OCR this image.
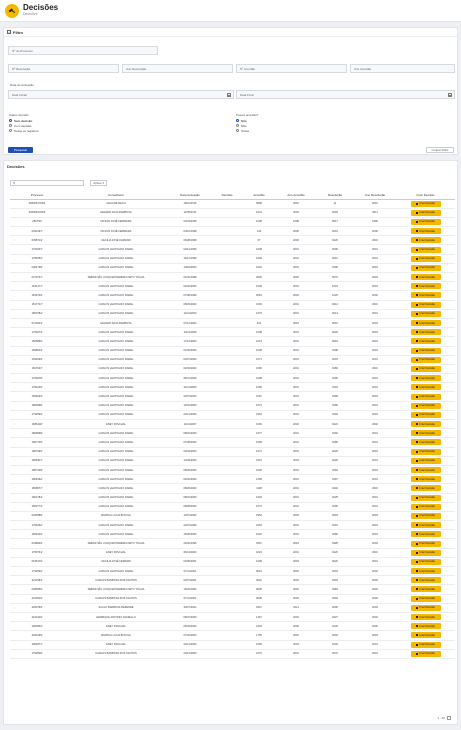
Decisões
Decisões
− Filtro
Nº do Processo
Nº Resolução	Ano Resolução	Nº Acordão	Ano Acordão
Data de Autuação
Data Inicial	Data Final
Status decisão
Sem decisão
Com decisão
Todos os registros
Possui acórdão?
Sim
Não
Todos
Pesquisar	Limpar Filtro
Decisões
⚲	Ações ▾
Processo	Conselheiro	Data Autuação	Decisão	Acórdão	Ano Acórdão	Resolução	Ano Resolução	Criar Decisão
0050057/2004	CELIANE RECH	18/01/2016		5068	2016	11	2016	Criar Decisão

0050062/2005	HELDER SILVA BARBOSA	12/05/2011		1044	2020	9203	2011	Criar Decisão

280750/	NILSON JOSÉ FERREIRA	02/04/2008		1008	1008	5017	1996	Criar Decisão

0491497/	NILSON JOSÉ FERREIRA	03/10/1998		144	2000	9201	2006	Criar Decisão

0058713/	CECILIA JOSÉ FERRARI	06/08/1998		57	2000	9226	2001	Criar Decisão

1760407/	CARLOS LEOPOLDO DAREL	02/12/1999		1048	2001	9296	2001	Criar Decisão

1786350/	CARLOS LEOPOLDO DAREL	16/12/1999		1009	2001	9216	2001	Criar Decisão

0004798/	CARLOS LEOPOLDO DAREL	10/02/2000		1002	2001	9190	2001	Criar Decisão

0479737/	SEBASTIÃO JOAQUIM PEREIRA NETO TOCHA	01/02/1998		9330	2018	5070	2004	Criar Decisão

1814177/	CARLOS LEOPOLDO DAREL	02/02/2000		1009	2001	1019	2001	Criar Decisão

1819720/	CARLOS LEOPOLDO DAREL	07/08/1999		9263	2002	1026	2002	Criar Decisão

1817747/	CARLOS LEOPOLDO DAREL	08/03/2000		1003	2001	9214	2001	Criar Decisão

1800782/	CARLOS LEOPOLDO DAREL	12/11/2000		1079	2001	9214	2001	Criar Decisão

0470004/	HELDER SILVA BARBOSA	07/12/2004		341	2019	5016	2004	Criar Decisão

1760074/	CARLOS LEOPOLDO DAREL	10/11/1999		1008	2001	9226	2001	Criar Decisão

1806890/	CARLOS LEOPOLDO DAREL	17/12/2000		1013	2001	9219	2001	Criar Decisão

1598004/	CARLOS LEOPOLDO DAREL	01/06/2000		1008	2001	9198	2001	Criar Decisão

1593090/	CARLOS LEOPOLDO DAREL	02/07/2000		1071	2001	9203	2001	Criar Decisão

1817907/	CARLOS LEOPOLDO DAREL	02/03/2000		1068	2001	9183	2001	Criar Decisão

1760978/	CARLOS LEOPOLDO DAREL	08/11/1999		1098	2001	9196	2001	Criar Decisão

1791046/	CARLOS LEOPOLDO DAREL	22/11/2000		1068	2001	9194	2001	Criar Decisão

1599220/	CARLOS LEOPOLDO DAREL	22/07/2000		1067	2001	9189	2001	Criar Decisão

1804898/	CARLOS LEOPOLDO DAREL	12/02/2000		1071	2001	9186	2001	Criar Decisão

1790690/	CARLOS LEOPOLDO DAREL	22/12/2000		1064	2001	9194	2001	Criar Decisão

1686418/	ENEY PASCHAL	14/11/2007		1006	2002	9224	2002	Criar Decisão

1806898/	CARLOS LEOPOLDO DAREL	08/02/2000		1077	2001	9192	2001	Criar Decisão

1807706/	CARLOS LEOPOLDO DAREL	07/08/2000		1068	2001	9186	2001	Criar Decisão

1807090/	CARLOS LEOPOLDO DAREL	02/04/2000		1074	2001	9226	2001	Criar Decisão

1805407/	CARLOS LEOPOLDO DAREL	14/09/2000		1016	2001	9226	2001	Criar Decisão

1807405/	CARLOS LEOPOLDO DAREL	08/06/2000		1036	2001	9184	2001	Criar Decisão

1806492/	CARLOS LEOPOLDO DAREL	02/02/2000		1068	2001	9187	2001	Criar Decisão

1805877/	CARLOS LEOPOLDO DAREL	08/06/2000		1108	2001	9194	2001	Criar Decisão

1801784/	CARLOS LEOPOLDO DAREL	08/01/2000		1003	2001	9225	2001	Criar Decisão

1802773/	CARLOS LEOPOLDO DAREL	08/08/2000		1073	2001	9196	2001	Criar Decisão

0490588/	MARTHA LUCIA BOCCHI	12/07/2002		1952	2003	9318	2003	Criar Decisão

1796462/	CARLOS LEOPOLDO DAREL	22/07/1999		1063	2001	9191	2001	Criar Decisão

1829140/	CARLOS LEOPOLDO DAREL	16/05/2000		1022	2001	9280	2001	Criar Decisão

0348940/	SEBASTIÃO JOAQUIM PEREIRA NETO TOCHA	22/02/1995		9367	2019	9328	2004	Criar Decisão

1780734/	ENEY PASCHAL	06/11/2000		1023	2001	9226	2001	Criar Decisão

0646170/	CECILIA JOSÉ FERRARI	04/05/2001		1009	2018	9020	2001	Criar Decisão

1793560/	CARLOS LEOPOLDO DAREL	07/11/2001		9021	2002	9304	2002	Criar Decisão

4210184/	CARLOS BARBOSA DOS SANTOS	02/07/2001		9022	2002	9304	2002	Criar Decisão

0380950/	SEBASTIÃO JOAQUIM PEREIRA NETO TOCHA	16/02/1994		9028	2002	9383	2002	Criar Decisão

4210510/	CARLOS BARBOSA DOS SANTOS	07/11/2001		9038	2002	9304	2002	Criar Decisão

4260790/	SAULO BARBOSA REZENDE	30/07/2004		9347	2011	9296	2004	Criar Decisão

4160120/	HENRIQUE ANTONIO DANIELLO	06/07/2000		1467	2002	9427	2002	Criar Decisão

1960560/	ENEY PASCHAL	06/03/2000		1018	2000	9139	2000	Criar Decisão

4261095/	MARTHA LUCIA BOCCHI	07/02/2003		1765	2002	9246	2003	Criar Decisão

1804877/	ENEY PASCHAL	22/12/2000		1065	2001	9149	2001	Criar Decisão

1790528/	CARLOS BARBOSA DOS SANTOS	22/12/2000		1070	2001	9270	2001	Criar Decisão
1 - 60
